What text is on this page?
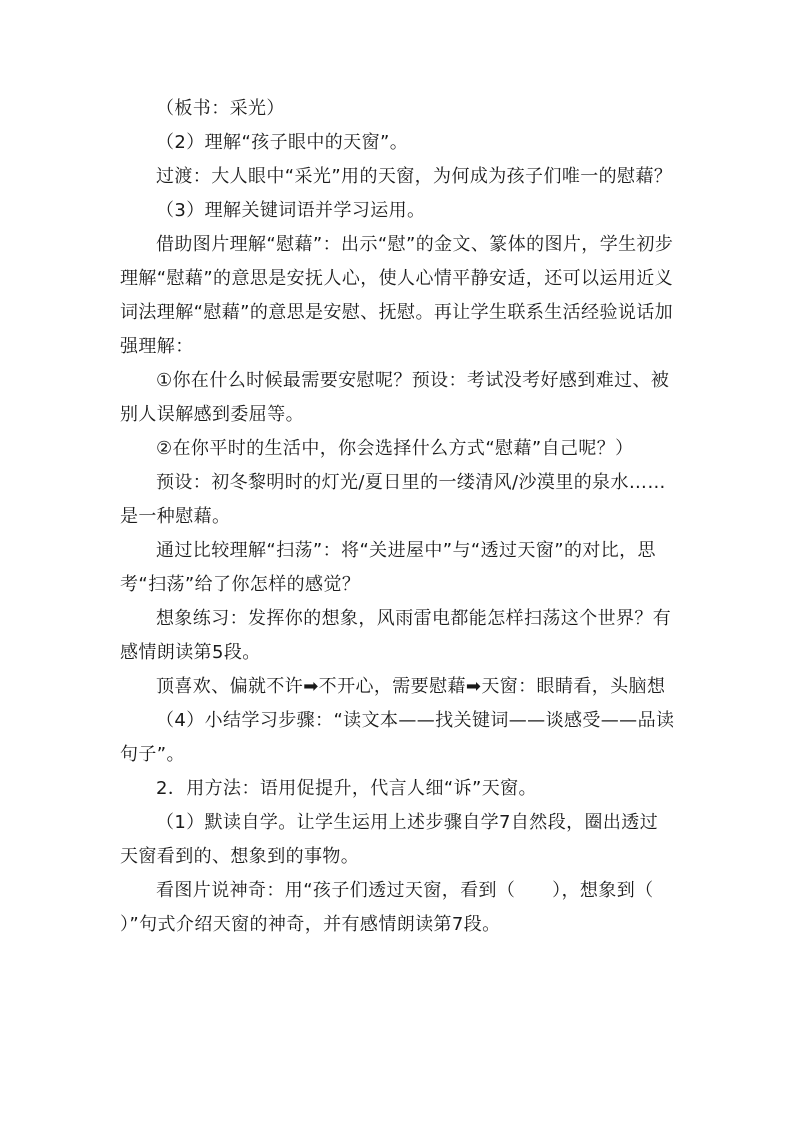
（板书：采光）

（2）理解“孩子眼中的天窗”。

过渡：大人眼中“采光”用的天窗，为何成为孩子们唯一的慰藉？

（3）理解关键词语并学习运用。

借助图片理解“慰藉”：出示“慰”的金文、篆体的图片，学生初步理解“慰藉”的意思是安抚人心，使人心情平静安适，还可以运用近义词法理解“慰藉”的意思是安慰、抚慰。再让学生联系生活经验说话加强理解：

①你在什么时候最需要安慰呢？预设：考试没考好感到难过、被别人误解感到委屈等。

②在你平时的生活中，你会选择什么方式“慰藉”自己呢？）

预设：初冬黎明时的灯光/夏日里的一缕清风/沙漠里的泉水……是一种慰藉。

通过比较理解“扫荡”：将“关进屋中”与“透过天窗”的对比，思考“扫荡”给了你怎样的感觉？

想象练习：发挥你的想象，风雨雷电都能怎样扫荡这个世界？有感情朗读第5段。

顶喜欢、偏就不许➡不开心，需要慰藉➡天窗：眼睛看，头脑想

（4）小结学习步骤：“读文本——找关键词——谈感受——品读句子”。

2．用方法：语用促提升，代言人细“诉”天窗。

（1）默读自学。让学生运用上述步骤自学7自然段，圈出透过天窗看到的、想象到的事物。

看图片说神奇：用“孩子们透过天窗，看到（　　），想象到（　　）”句式介绍天窗的神奇，并有感情朗读第7段。
